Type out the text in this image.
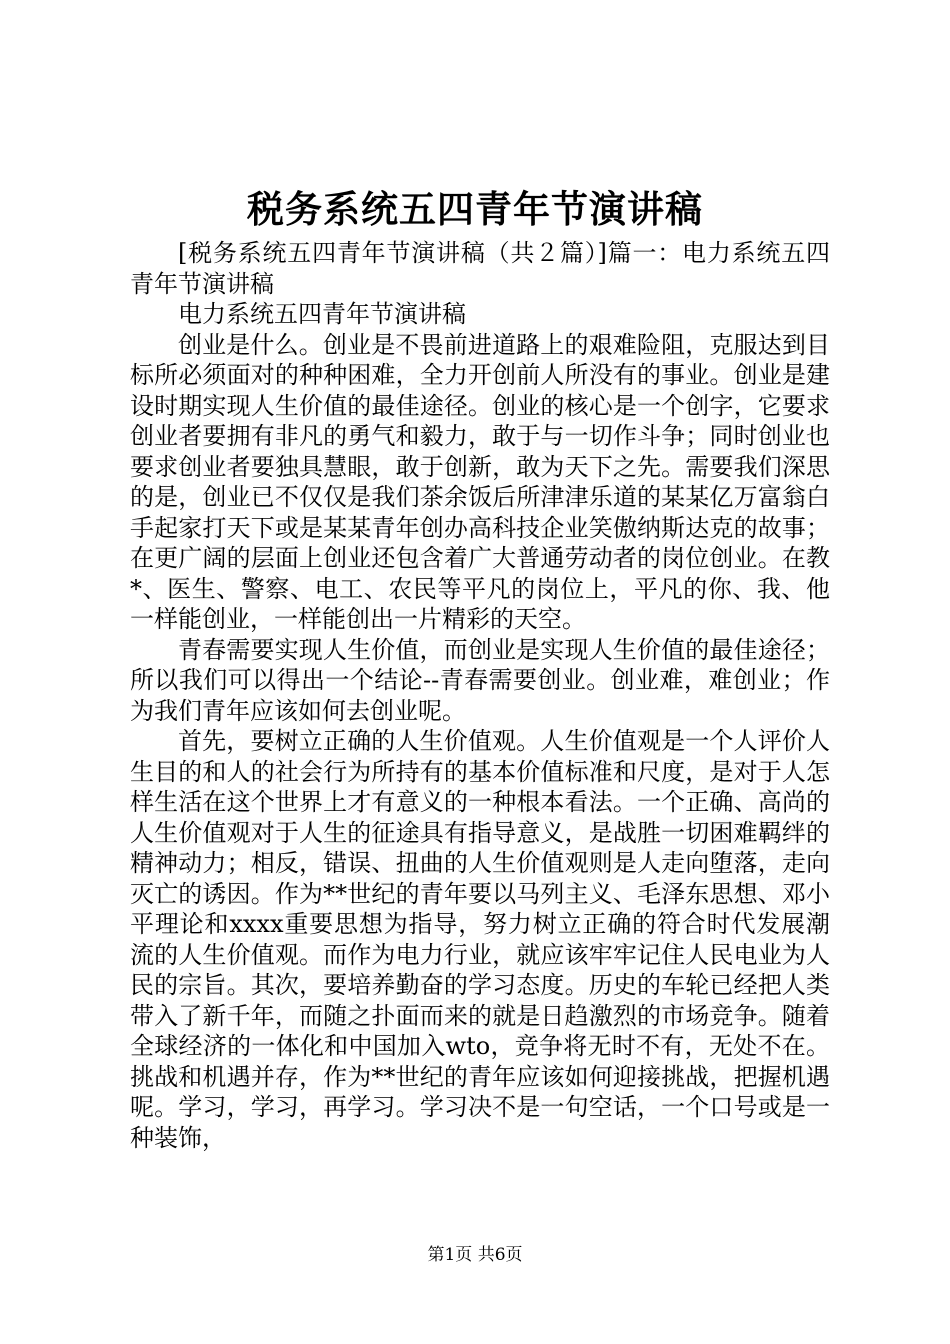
税务系统五四青年节演讲稿

[税务系统五四青年节演讲稿（共２篇）]篇一：电力系统五四青年节演讲稿

电力系统五四青年节演讲稿

创业是什么。创业是不畏前进道路上的艰难险阻，克服达到目标所必须面对的种种困难，全力开创前人所没有的事业。创业是建设时期实现人生价值的最佳途径。创业的核心是一个创字，它要求创业者要拥有非凡的勇气和毅力，敢于与一切作斗争；同时创业也要求创业者要独具慧眼，敢于创新，敢为天下之先。需要我们深思的是，创业已不仅仅是我们茶余饭后所津津乐道的某某亿万富翁白手起家打天下或是某某青年创办高科技企业笑傲纳斯达克的故事；在更广阔的层面上创业还包含着广大普通劳动者的岗位创业。在教*、医生、警察、电工、农民等平凡的岗位上，平凡的你、我、他一样能创业，一样能创出一片精彩的天空。

青春需要实现人生价值，而创业是实现人生价值的最佳途径；所以我们可以得出一个结论--青春需要创业。创业难，难创业；作为我们青年应该如何去创业呢。

首先，要树立正确的人生价值观。人生价值观是一个人评价人生目的和人的社会行为所持有的基本价值标准和尺度，是对于人怎样生活在这个世界上才有意义的一种根本看法。一个正确、高尚的人生价值观对于人生的征途具有指导意义，是战胜一切困难羁绊的精神动力；相反，错误、扭曲的人生价值观则是人走向堕落，走向灭亡的诱因。作为**世纪的青年要以马列主义、毛泽东思想、邓小平理论和xxxx重要思想为指导，努力树立正确的符合时代发展潮流的人生价值观。而作为电力行业，就应该牢牢记住人民电业为人民的宗旨。其次，要培养勤奋的学习态度。历史的车轮已经把人类带入了新千年，而随之扑面而来的就是日趋激烈的市场竞争。随着全球经济的一体化和中国加入wto，竞争将无时不有，无处不在。挑战和机遇并存，作为**世纪的青年应该如何迎接挑战，把握机遇呢。学习，学习，再学习。学习决不是一句空话，一个口号或是一种装饰，

第1页 共6页
